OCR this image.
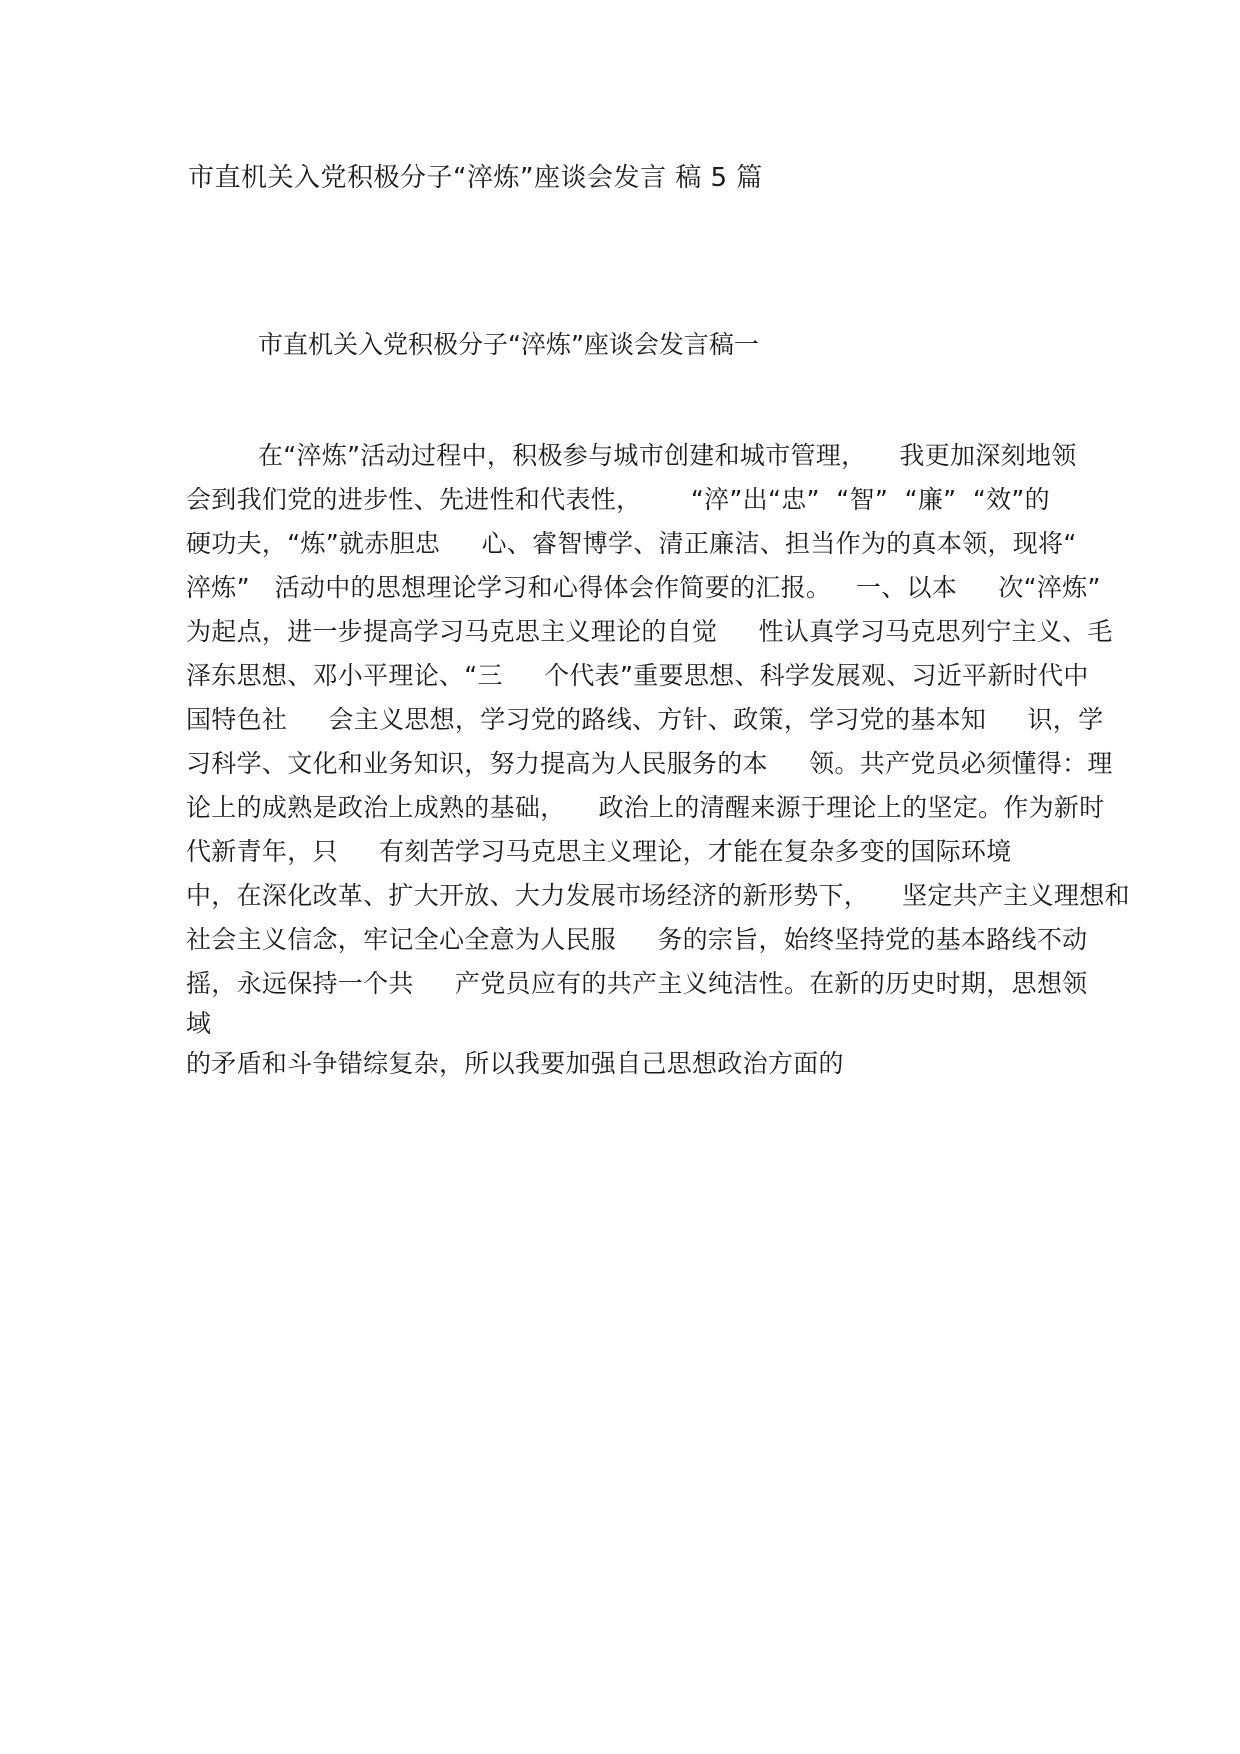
市直机关入党积极分子“淬炼”座谈会发言 稿 5 篇
市直机关入党积极分子“淬炼”座谈会发言稿一
在“淬炼”活动过程中，积极参与城市创建和城市管理，    我更加深刻地领
会到我们党的进步性、先进性和代表性，      “淬”出“忠”  “智”  “廉”  “效”的
硬功夫，“炼”就赤胆忠     心、睿智博学、清正廉洁、担当作为的真本领，现将“
淬炼”   活动中的思想理论学习和心得体会作简要的汇报。   一、以本     次“淬炼”
为起点，进一步提高学习马克思主义理论的自觉     性认真学习马克思列宁主义、毛
泽东思想、邓小平理论、“三     个代表”重要思想、科学发展观、习近平新时代中
国特色社     会主义思想，学习党的路线、方针、政策，学习党的基本知     识，学
习科学、文化和业务知识，努力提高为人民服务的本     领。共产党员必须懂得：理
论上的成熟是政治上成熟的基础，    政治上的清醒来源于理论上的坚定。作为新时
代新青年，只     有刻苦学习马克思主义理论，才能在复杂多变的国际环境
中，在深化改革、扩大开放、大力发展市场经济的新形势下，    坚定共产主义理想和
社会主义信念，牢记全心全意为人民服     务的宗旨，始终坚持党的基本路线不动
摇，永远保持一个共     产党员应有的共产主义纯洁性。在新的历史时期，思想领
域
的矛盾和斗争错综复杂，所以我要加强自己思想政治方面的
